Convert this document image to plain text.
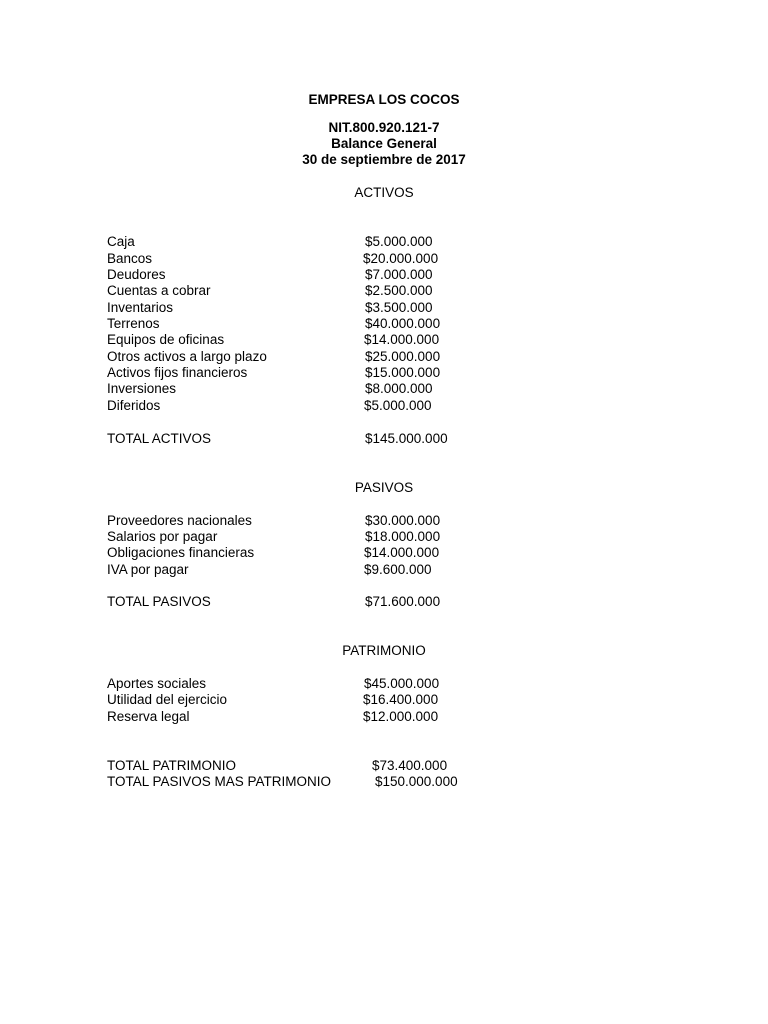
EMPRESA LOS COCOS
NIT.800.920.121-7
Balance General
30 de septiembre de 2017
ACTIVOS
Caja	$5.000.000
Bancos	$20.000.000
Deudores	$7.000.000
Cuentas a cobrar	$2.500.000
Inventarios	$3.500.000
Terrenos	$40.000.000
Equipos de oficinas	$14.000.000
Otros activos a largo plazo	$25.000.000
Activos fijos financieros	$15.000.000
Inversiones	$8.000.000
Diferidos	$5.000.000
TOTAL ACTIVOS	$145.000.000
PASIVOS
Proveedores nacionales	$30.000.000
Salarios por pagar	$18.000.000
Obligaciones financieras	$14.000.000
IVA por pagar	$9.600.000
TOTAL PASIVOS	$71.600.000
PATRIMONIO
Aportes sociales	$45.000.000
Utilidad del ejercicio	$16.400.000
Reserva legal	$12.000.000
TOTAL PATRIMONIO	$73.400.000
TOTAL PASIVOS MAS PATRIMONIO	$150.000.000
